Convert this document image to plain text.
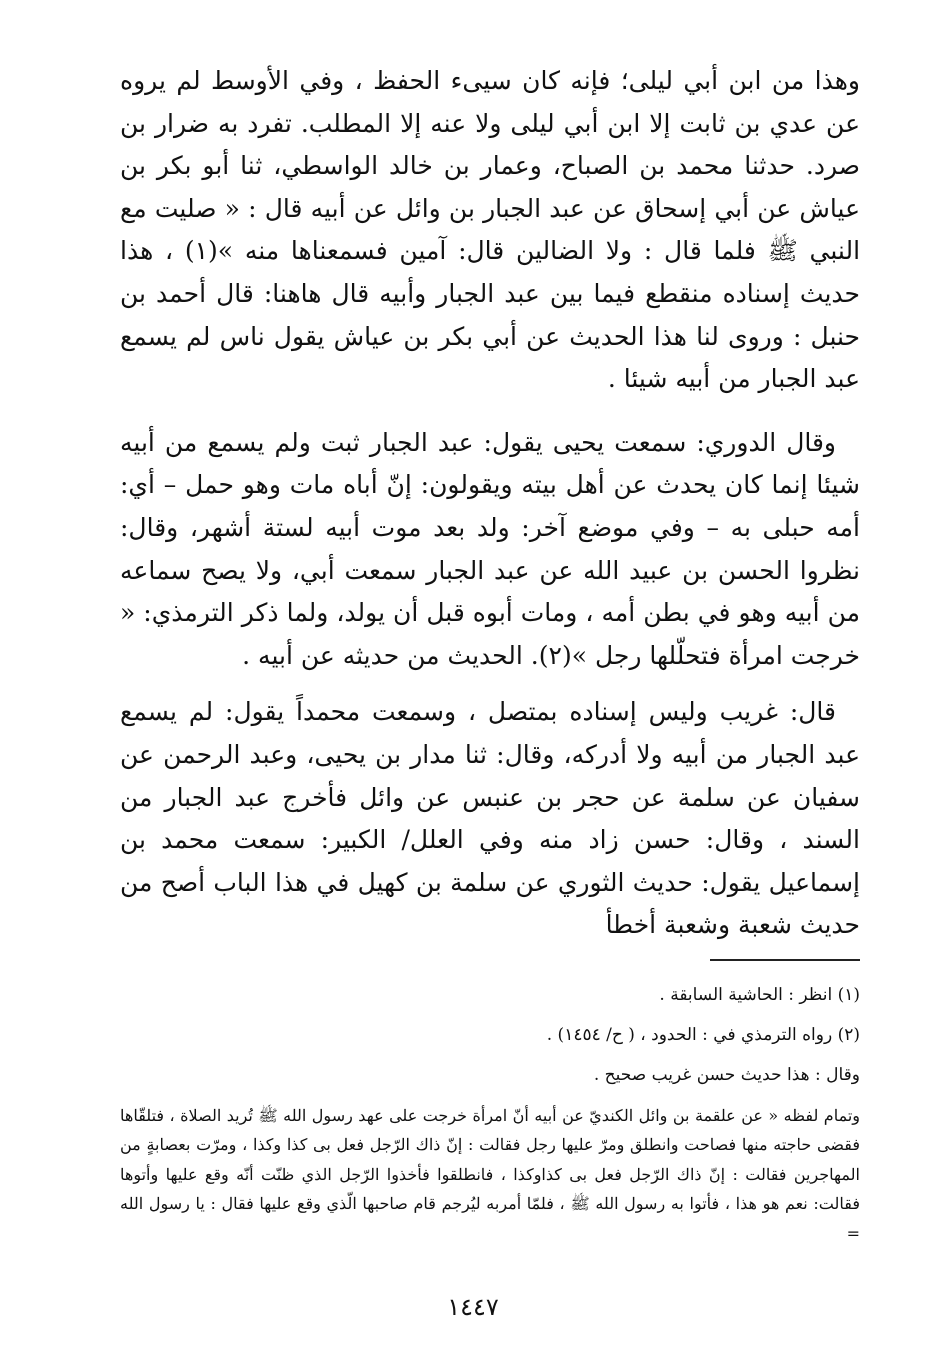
وهذا من ابن أبي ليلى؛ فإنه كان سيىء الحفظ ، وفي الأوسط لم يروه عن عدي بن ثابت إلا ابن أبي ليلى ولا عنه إلا المطلب. تفرد به ضرار بن صرد. حدثنا محمد بن الصباح، وعمار بن خالد الواسطي، ثنا أبو بكر بن عياش عن أبي إسحاق عن عبد الجبار بن وائل عن أبيه قال : « صليت مع النبي ﷺ فلما قال : ولا الضالين قال: آمين فسمعناها منه »(١) ، هذا حديث إسناده منقطع فيما بين عبد الجبار وأبيه قال هاهنا: قال أحمد بن حنبل : وروى لنا هذا الحديث عن أبي بكر بن عياش يقول ناس لم يسمع عبد الجبار من أبيه شيئا .

وقال الدوري: سمعت يحيى يقول: عبد الجبار ثبت ولم يسمع من أبيه شيئا إنما كان يحدث عن أهل بيته ويقولون: إنّ أباه مات وهو حمل – أي: أمه حبلى به – وفي موضع آخر: ولد بعد موت أبيه لستة أشهر، وقال: نظروا الحسن بن عبيد الله عن عبد الجبار سمعت أبي، ولا يصح سماعه من أبيه وهو في بطن أمه ، ومات أبوه قبل أن يولد، ولما ذكر الترمذي: « خرجت امرأة فتحلّلها رجل »(٢). الحديث من حديثه عن أبيه .

قال: غريب وليس إسناده بمتصل ، وسمعت محمداً يقول: لم يسمع عبد الجبار من أبيه ولا أدركه، وقال: ثنا مدار بن يحيى، وعبد الرحمن عن سفيان عن سلمة عن حجر بن عنبس عن وائل فأخرج عبد الجبار من السند ، وقال: حسن زاد منه وفي العلل/ الكبير: سمعت محمد بن إسماعيل يقول: حديث الثوري عن سلمة بن كهيل في هذا الباب أصح من حديث شعبة وشعبة أخطأ

(١) انظر : الحاشية السابقة .

(٢) رواه الترمذي في : الحدود ، ( ح/ ١٤٥٤) .

وقال : هذا حديث حسن غريب صحيح .

وتمام لفظه « عن علقمة بن وائل الكنديّ عن أبيه أنّ امرأة خرجت على عهد رسول الله ﷺ تُريد الصلاة ، فتلقّاها فقضى حاجته منها فصاحت وانطلق ومرّ عليها رجل فقالت : إنّ ذاك الرّجل فعل بى كذا وكذا ، ومرّت بعصابةٍ من المهاجرين فقالت : إنّ ذاك الرّجل فعل بى كذاوكذا ، فانطلقوا فأخذوا الرّجل الذي ظنّت أنّه وقع عليها وأتوها فقالت: نعم هو هذا ، فأتوا به رسول الله ﷺ ، فلمّا أمربه ليُرجم قام صاحبها الّذي وقع عليها فقال : يا رسول الله =

١٤٤٧
